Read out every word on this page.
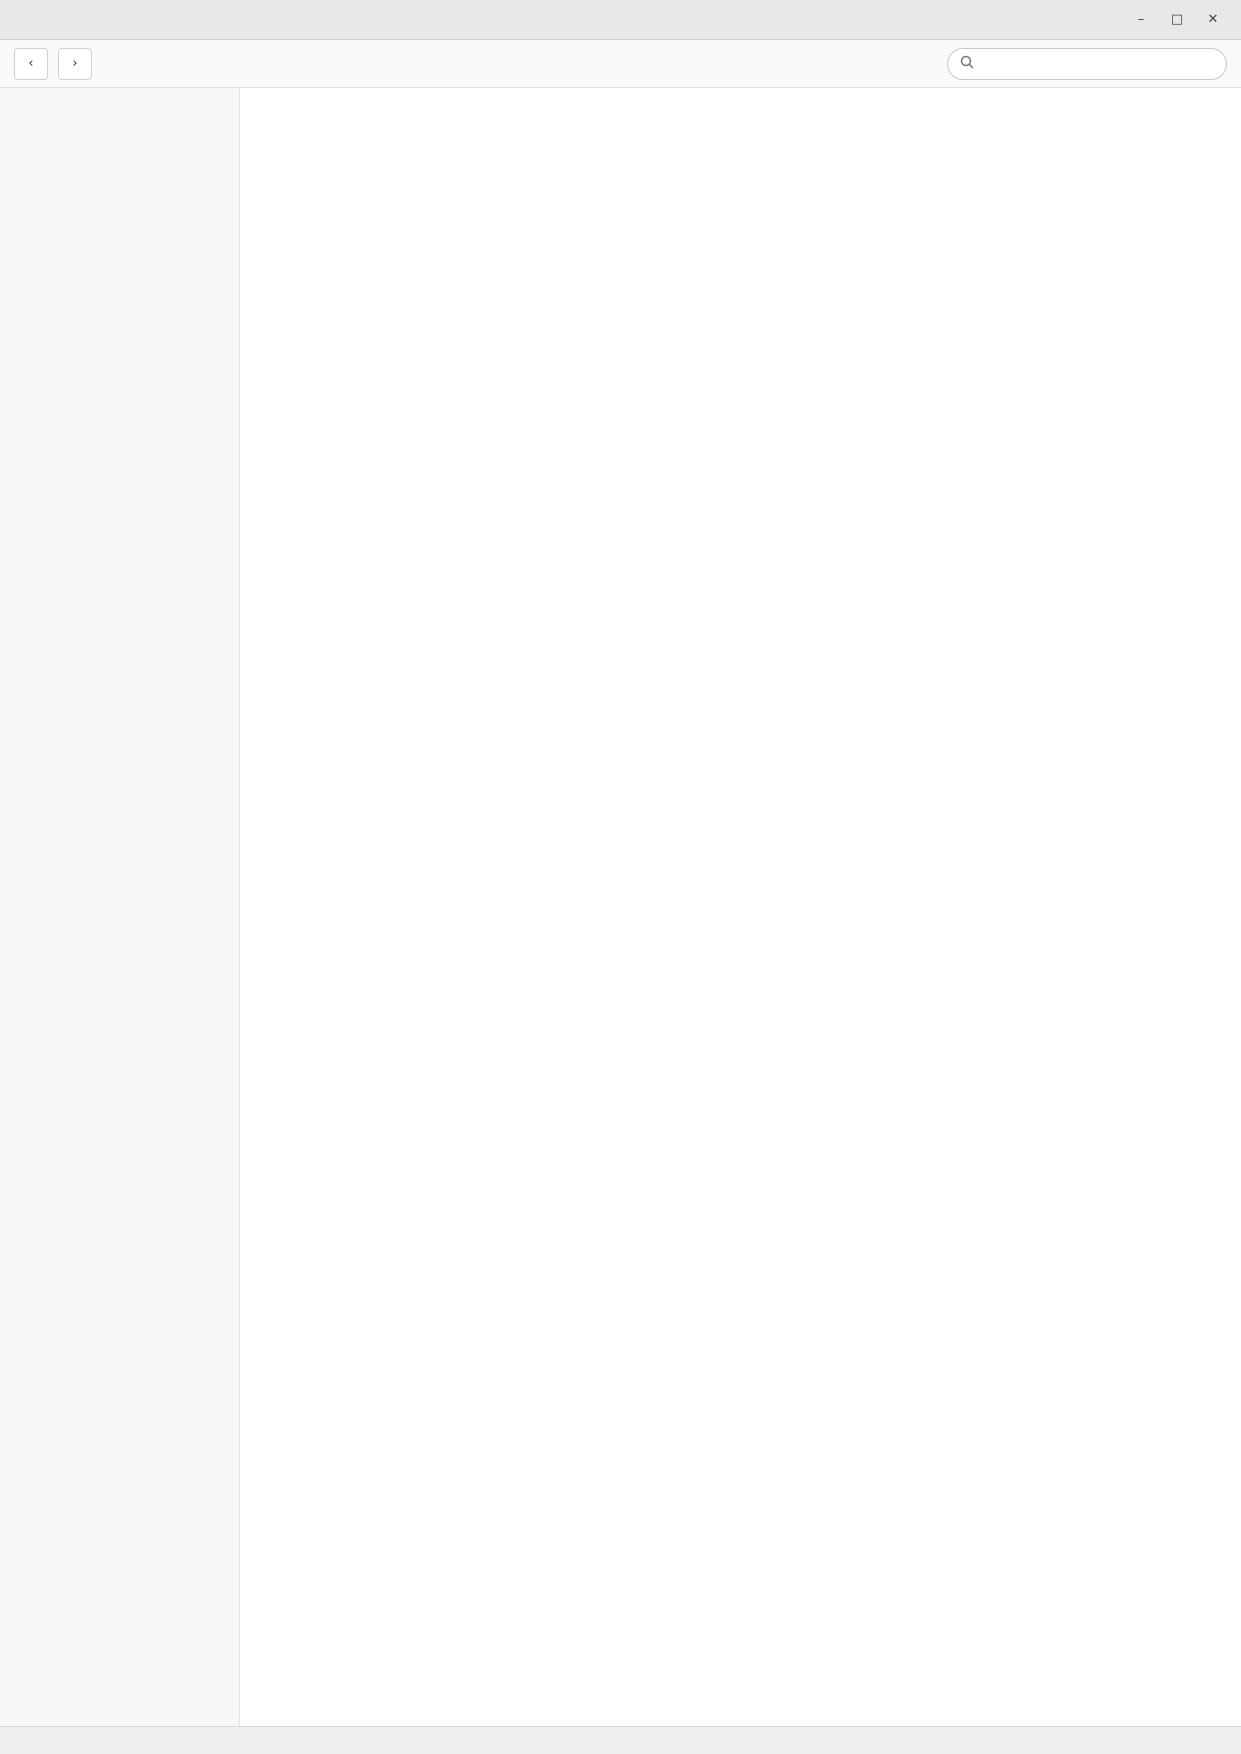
–	□	✕
‹	›
